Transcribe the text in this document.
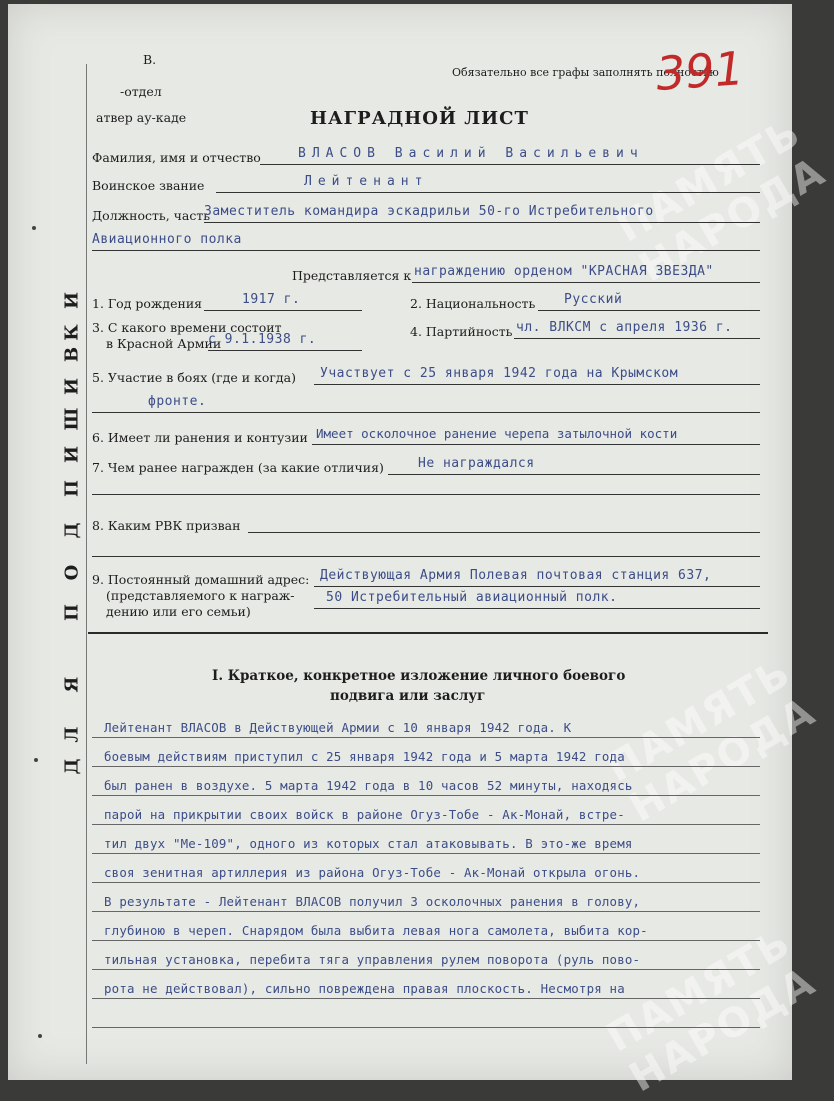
ПАМЯТЬ НАРОДА
ПАМЯТЬ НАРОДА
ПАМЯТЬ НАРОДА
В.
-отдел
атвер ау-каде
Обязательно все графы заполнять полностью
391
НАГРАДНОЙ ЛИСТ
Фамилия, имя и отчество	ВЛАСОВ Василий Васильевич
Воинское звание	Лейтенант
Должность, часть
Заместитель командира эскадрильи 50-го Истребительного
Авиационного полка
Представляется к награждению орденом "КРАСНАЯ ЗВЕЗДА"
1. Год рождения	1917 г.	2. Национальность Русский
3. С какого времени состоит
в Красной Армии
с 9.1.1938 г.
4. Партийность чл. ВЛКСМ с апреля 1936 г.
5. Участие в боях (где и когда) Участвует с 25 января 1942 года на Крымском
фронте.
6. Имеет ли ранения и контузии Имеет осколочное ранение черепа затылочной кости
7. Чем ранее награжден (за какие отличия)	Не награждался
8. Каким РВК призван
9. Постоянный домашний адрес:
(представляемого к награж-
дению или его семьи)
Действующая Армия Полевая почтовая станция 637,
50 Истребительный авиационный полк.
Д
Л
Я
П
О
Д
П
И
Ш
И
В
К
И
I. Краткое, конкретное изложение личного боевого
подвига или заслуг
Лейтенант ВЛАСОВ в Действующей Армии с 10 января 1942 года. К
боевым действиям приступил с 25 января 1942 года и 5 марта 1942 года
был ранен в воздухе. 5 марта 1942 года в 10 часов 52 минуты, находясь
парой на прикрытии своих войск в районе Огуз-Тобе - Ак-Монай, встре-
тил двух "Ме-109", одного из которых стал атаковывать. В это-же время
своя зенитная артиллерия из района Огуз-Тобе - Ак-Монай открыла огонь.
В результате - Лейтенант ВЛАСОВ получил 3 осколочных ранения в голову,
глубиною в череп. Снарядом была выбита левая нога самолета, выбита кор-
тильная установка, перебита тяга управления рулем поворота (руль пово-
рота не действовал), сильно повреждена правая плоскость. Несмотря на
